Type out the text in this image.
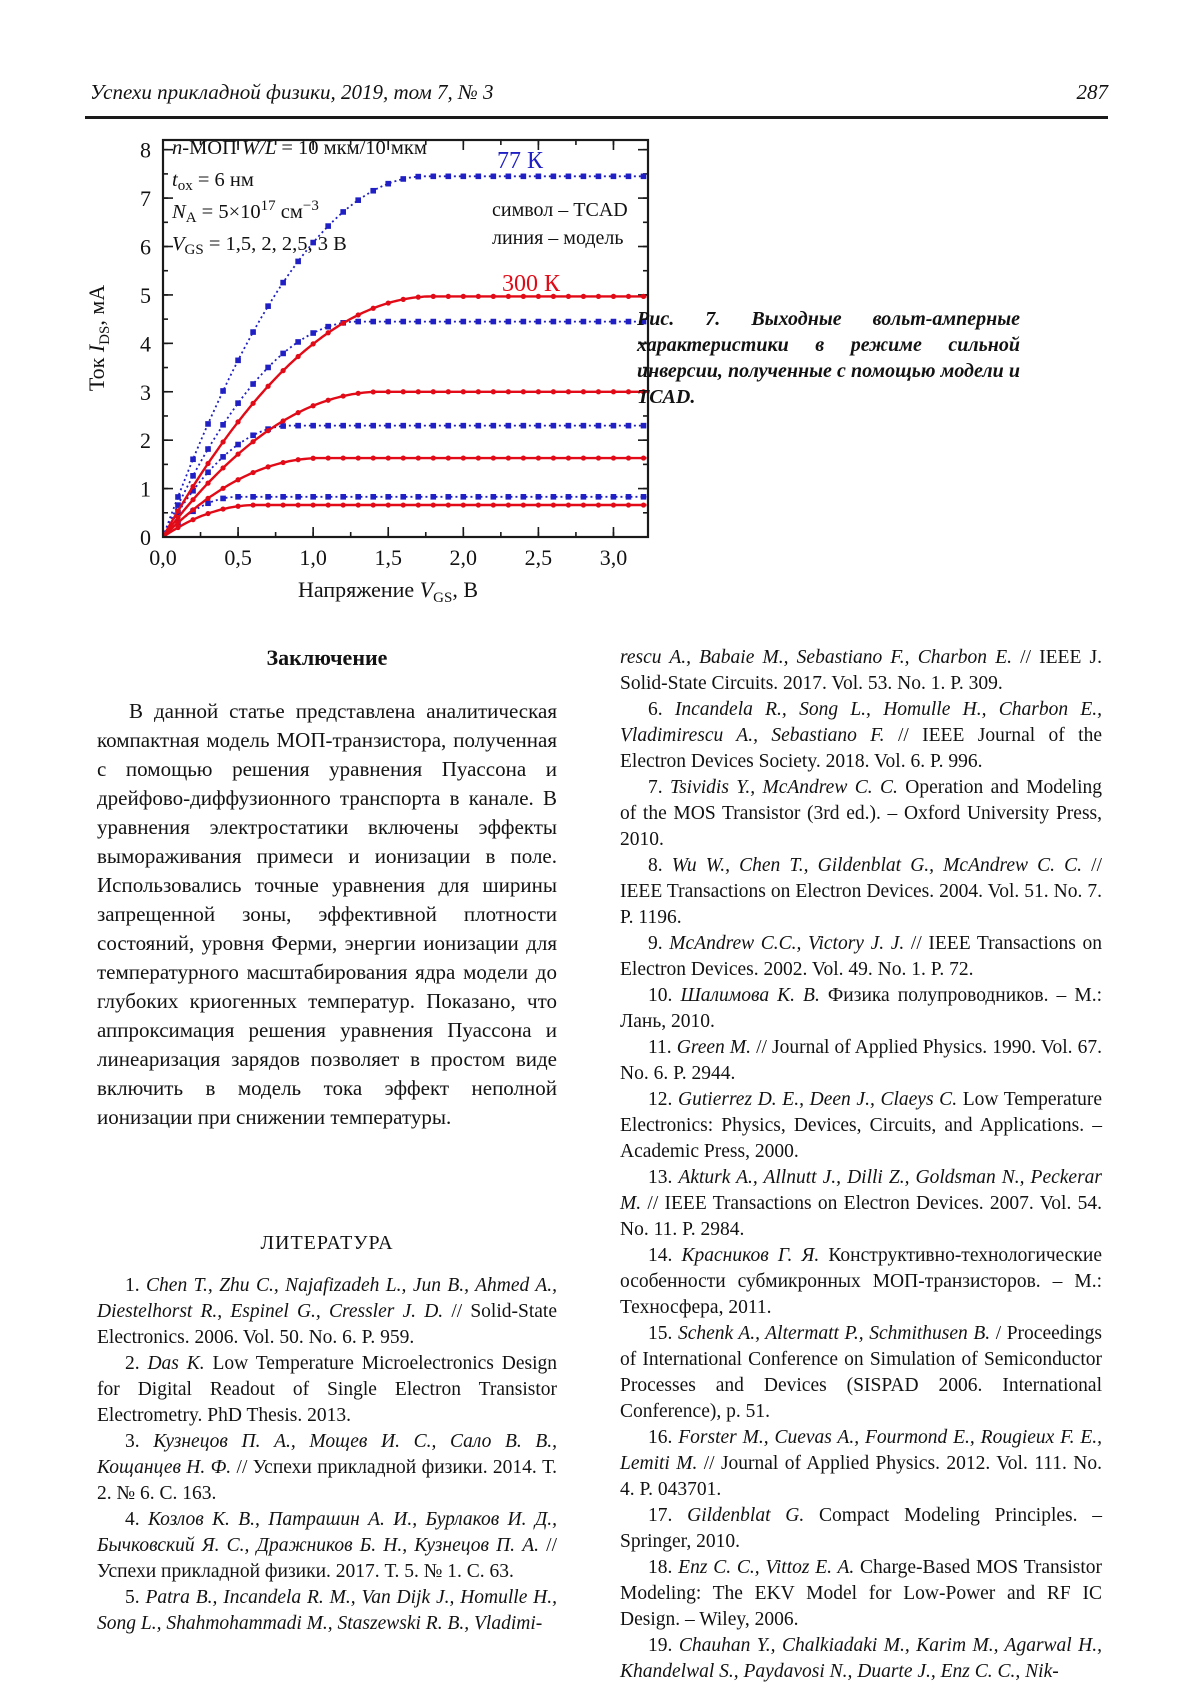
Успехи прикладной физики, 2019, том 7, № 3	287
0,0 0,5 1,0 1,5 2,0 2,5 3,0
0
1
2
3
4
5
6
7
8
Ток $I_{DS}$, мА
Напряжение $V_{GS}$, В
n-МОП W/L = 10 мкм/10 мкм
tox = 6 нм
NA = $5\times 10^{17}$ $см^{-3}$
VGS = 1,5, 2, 2,5, 3 В
77 К
300 К
символ – TCAD
линия – модель
Рис. 7. Выходные вольт-амперные характеристики в режиме сильной инверсии, полученные с помощью модели и TCAD.

Заключение

В данной статье представлена аналитическая компактная модель МОП-транзистора, полученная с помощью решения уравнения Пуассона и дрейфово-диффузионного транспорта в канале. В уравнения электростатики включены эффекты вымораживания примеси и ионизации в поле. Использовались точные уравнения для ширины запрещенной зоны, эффективной плотности состояний, уровня Ферми, энергии ионизации для температурного масштабирования ядра модели до глубоких криогенных температур. Показано, что аппроксимация решения уравнения Пуассона и линеаризация зарядов позволяет в простом виде включить в модель тока эффект неполной ионизации при снижении температуры.

ЛИТЕРАТУРА

1. Chen T., Zhu C., Najafizadeh L., Jun B., Ahmed A., Diestelhorst R., Espinel G., Cressler J. D. // Solid-State Electronics. 2006. Vol. 50. No. 6. P. 959.

2. Das K. Low Temperature Microelectronics Design for Digital Readout of Single Electron Transistor Electrometry. PhD Thesis. 2013.

3. Кузнецов П. А., Мощев И. С., Сало В. В., Кощанцев Н. Ф. // Успехи прикладной физики. 2014. Т. 2. № 6. С. 163.

4. Козлов К. В., Патрашин А. И., Бурлаков И. Д., Бычковский Я. С., Дражников Б. Н., Кузнецов П. А. // Успехи прикладной физики. 2017. Т. 5. № 1. С. 63.

5. Patra B., Incandela R. M., Van Dijk J., Homulle H., Song L., Shahmohammadi M., Staszewski R. B., Vladimi-

rescu A., Babaie M., Sebastiano F., Charbon E. // IEEE J. Solid-State Circuits. 2017. Vol. 53. No. 1. P. 309.

6. Incandela R., Song L., Homulle H., Charbon E., Vladimirescu A., Sebastiano F. // IEEE Journal of the Electron Devices Society. 2018. Vol. 6. P. 996.

7. Tsividis Y., McAndrew C. C. Operation and Modeling of the MOS Transistor (3rd ed.). – Oxford University Press, 2010.

8. Wu W., Chen T., Gildenblat G., McAndrew C. C. // IEEE Transactions on Electron Devices. 2004. Vol. 51. No. 7. P. 1196.

9. McAndrew C.C., Victory J. J. // IEEE Transactions on Electron Devices. 2002. Vol. 49. No. 1. P. 72.

10. Шалимова К. В. Физика полупроводников. – М.: Лань, 2010.

11. Green M. // Journal of Applied Physics. 1990. Vol. 67. No. 6. P. 2944.

12. Gutierrez D. E., Deen J., Claeys C. Low Temperature Electronics: Physics, Devices, Circuits, and Applications. – Academic Press, 2000.

13. Akturk A., Allnutt J., Dilli Z., Goldsman N., Peckerar M. // IEEE Transactions on Electron Devices. 2007. Vol. 54. No. 11. P. 2984.

14. Красников Г. Я. Конструктивно-технологические особенности субмикронных МОП-транзисторов. – М.: Техносфера, 2011.

15. Schenk A., Altermatt P., Schmithusen B. / Proceedings of International Conference on Simulation of Semiconductor Processes and Devices (SISPAD 2006. International Conference), p. 51.

16. Forster M., Cuevas A., Fourmond E., Rougieux F. E., Lemiti M. // Journal of Applied Physics. 2012. Vol. 111. No. 4. P. 043701.

17. Gildenblat G. Compact Modeling Principles. – Springer, 2010.

18. Enz C. C., Vittoz E. A. Charge-Based MOS Transistor Modeling: The EKV Model for Low-Power and RF IC Design. – Wiley, 2006.

19. Chauhan Y., Chalkiadaki M., Karim M., Agarwal H., Khandelwal S., Paydavosi N., Duarte J., Enz C. C., Nik-
